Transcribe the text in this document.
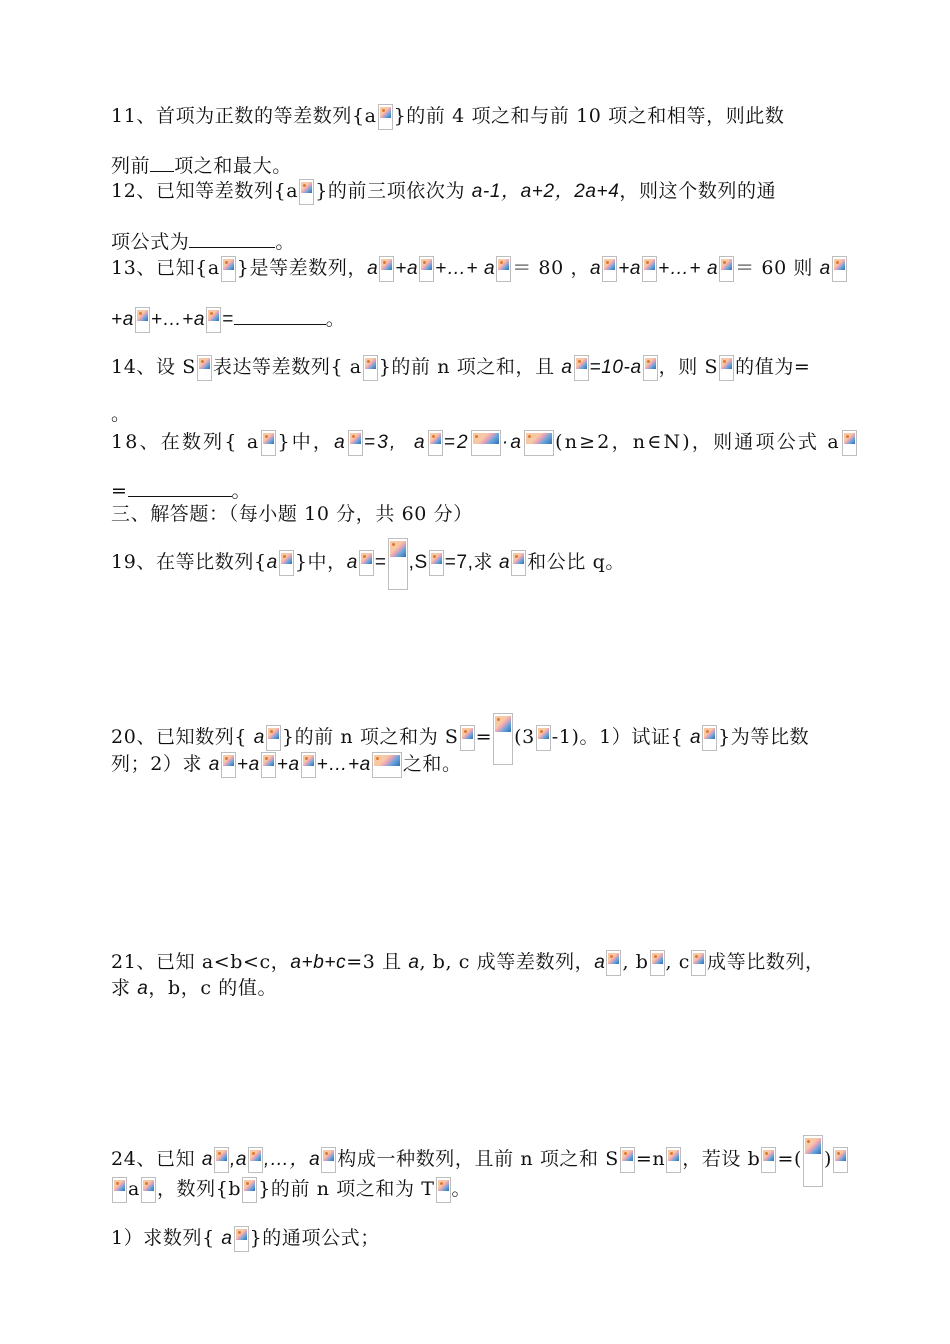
11、首项为正数的等差数列{a }的前 4 项之和与前 10 项之和相等，则此数
列前 项之和最大。
12、已知等差数列{a }的前三项依次为 a-1，a+2，2a+4，则这个数列的通
项公式为	。
13、已知{a }是等差数列，a +a +…+ a ＝ 80 ，a +a +…+ a ＝ 60 则 a
+a +…+a =	。
14、设 S 表达等差数列{ a }的前 n 项之和，且 a =10-a ，则 S 的值为=
。
18、在数列{ a }中，a =3, a =2 ·a (n≥2，n∈N)，则通项公式 a
=	。
三、解答题：（每小题 10 分，共 60 分）
19、在等比数列{a }中，a = ,S =7,求 a 和公比 q。
20、已知数列{ a }的前 n 项之和为 S = (3 -1)。1）试证{ a }为等比数
列；2）求 a +a +a +…+a 之和。
21、已知 a<b<c，a+b+c=3 且 a, b, c 成等差数列，a , b , c 成等比数列，
求 a，b，c 的值。
24、已知 a ,a ,…，a 构成一种数列，且前 n 项之和 S =n ，若设 b =( )
a ，数列{b }的前 n 项之和为 T 。
1）求数列{ a }的通项公式；
